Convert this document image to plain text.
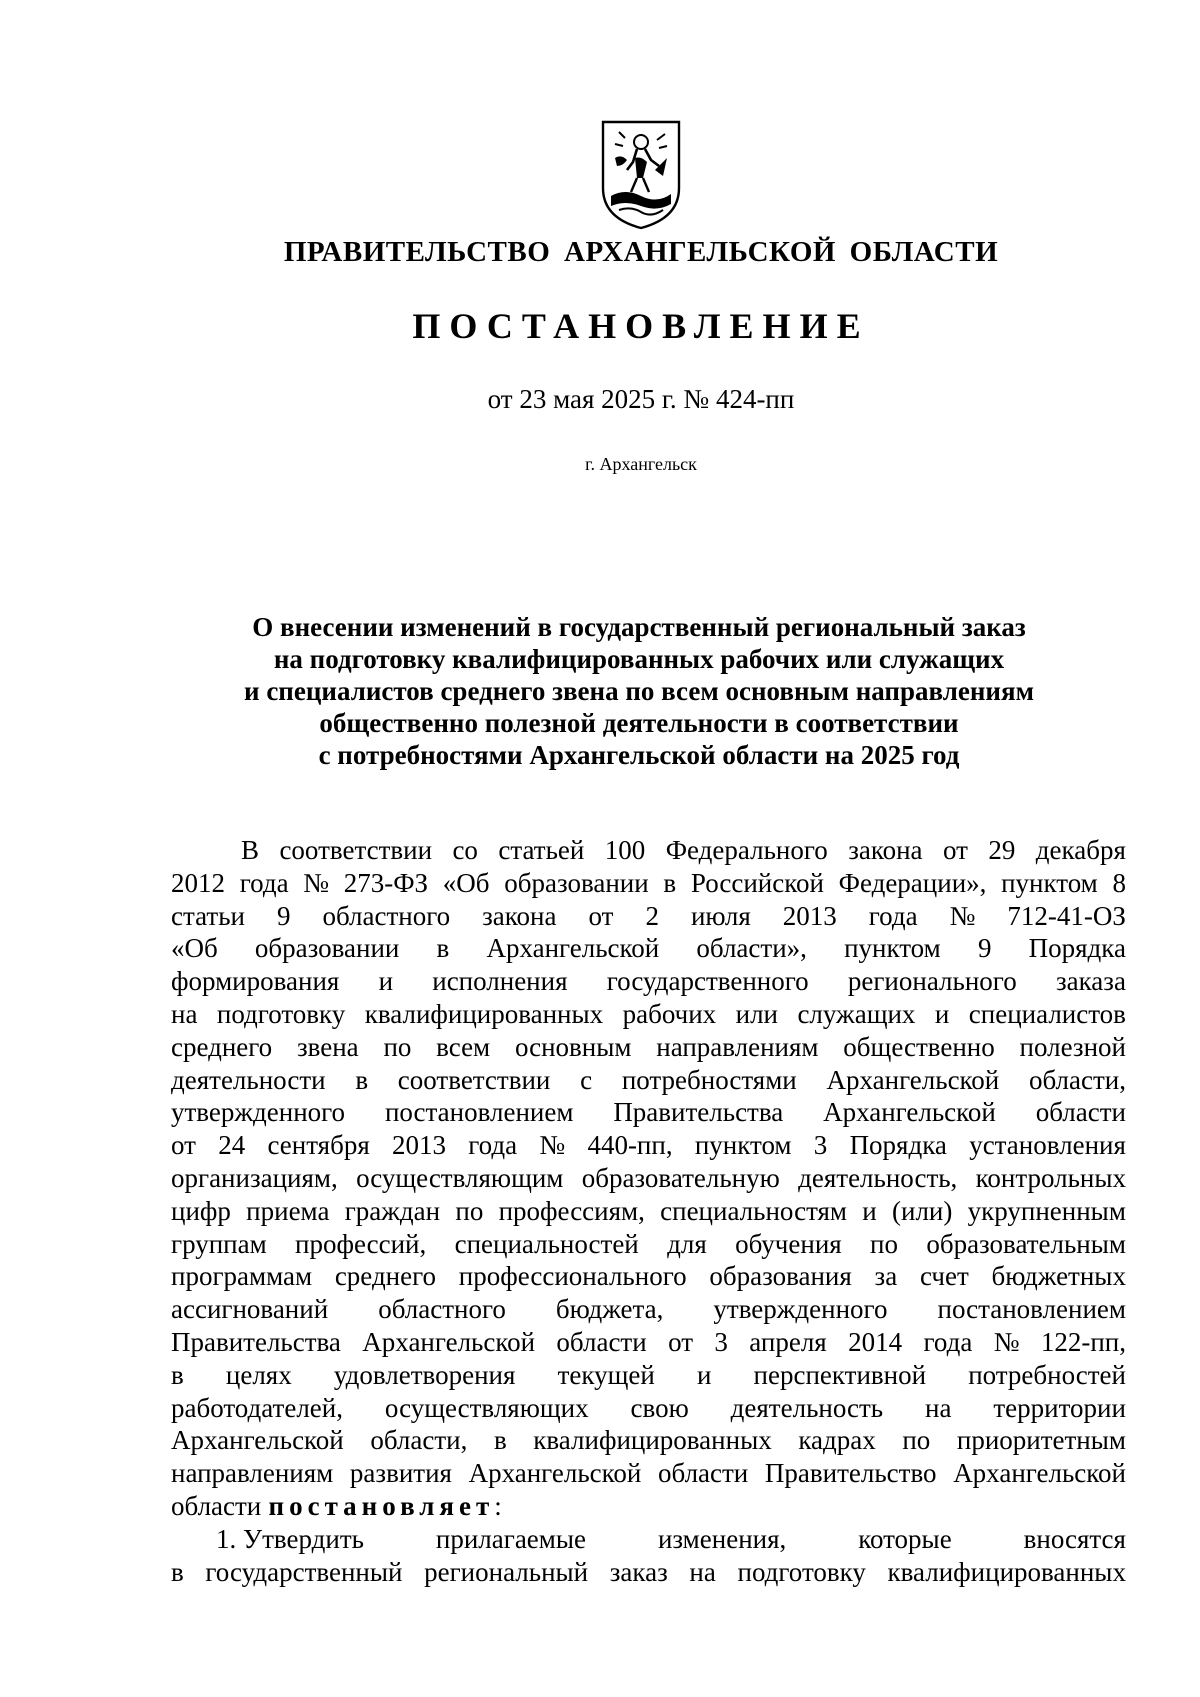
ПРАВИТЕЛЬСТВО АРХАНГЕЛЬСКОЙ ОБЛАСТИ
ПОСТАНОВЛЕНИЕ
от 23 мая 2025 г. № 424-пп
г. Архангельск
О внесении изменений в государственный региональный заказ
на подготовку квалифицированных рабочих или служащих
и специалистов среднего звена по всем основным направлениям
общественно полезной деятельности в соответствии
с потребностями Архангельской области на 2025 год
В соответствии со статьей 100 Федерального закона от 29 декабря
2012 года № 273-ФЗ «Об образовании в Российской Федерации», пунктом 8
статьи 9 областного закона от 2 июля 2013 года № 712-41-ОЗ
«Об образовании в Архангельской области», пунктом 9 Порядка
формирования и исполнения государственного регионального заказа
на подготовку квалифицированных рабочих или служащих и специалистов
среднего звена по всем основным направлениям общественно полезной
деятельности в соответствии с потребностями Архангельской области,
утвержденного постановлением Правительства Архангельской области
от 24 сентября 2013 года № 440-пп, пунктом 3 Порядка установления
организациям, осуществляющим образовательную деятельность, контрольных
цифр приема граждан по профессиям, специальностям и (или) укрупненным
группам профессий, специальностей для обучения по образовательным
программам среднего профессионального образования за счет бюджетных
ассигнований областного бюджета, утвержденного постановлением
Правительства Архангельской области от 3 апреля 2014 года № 122-пп,
в целях удовлетворения текущей и перспективной потребностей
работодателей, осуществляющих свою деятельность на территории
Архангельской области, в квалифицированных кадрах по приоритетным
направлениям развития Архангельской области Правительство Архангельской
области постановляет :
1. Утвердить	прилагаемые	изменения,	которые	вносятся
в государственный региональный заказ на подготовку квалифицированных
